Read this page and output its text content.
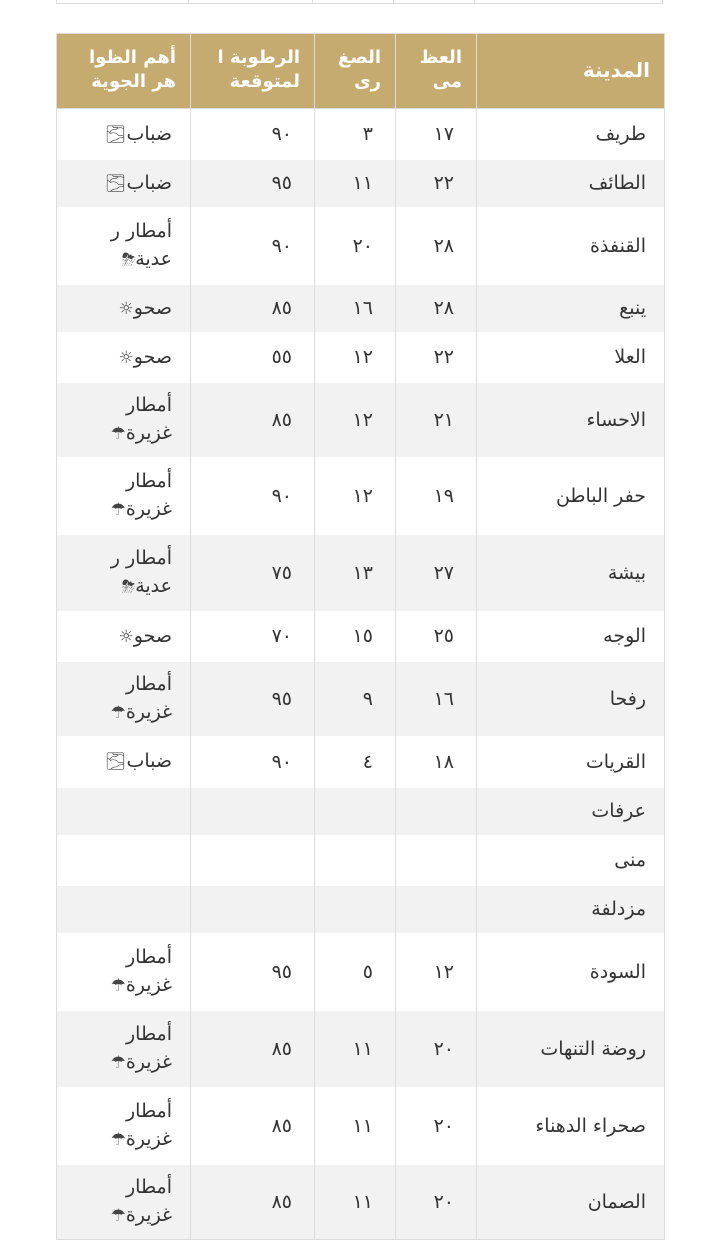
المدينة	العظ مى	الصغ رى	الرطوبة ا لمتوقعة	أهم الظوا هر الجوية
طريف	١٧	٣	٩٠	ضباب🌫︎
الطائف	٢٢	١١	٩٥	ضباب🌫︎
القنفذة	٢٨	٢٠	٩٠	أمطار ر عدية⛈
ينبع	٢٨	١٦	٨٥	صحو☼
العلا	٢٢	١٢	٥٥	صحو☼
الاحساء	٢١	١٢	٨٥	أمطار غزيرة☂
حفر الباطن	١٩	١٢	٩٠	أمطار غزيرة☂
بيشة	٢٧	١٣	٧٥	أمطار ر عدية⛈
الوجه	٢٥	١٥	٧٠	صحو☼
رفحا	١٦	٩	٩٥	أمطار غزيرة☂
القريات	١٨	٤	٩٠	ضباب🌫︎
عرفات				
منى				
مزدلفة				
السودة	١٢	٥	٩٥	أمطار غزيرة☂
روضة التنهات	٢٠	١١	٨٥	أمطار غزيرة☂
صحراء الدهناء	٢٠	١١	٨٥	أمطار غزيرة☂
الصمان	٢٠	١١	٨٥	أمطار غزيرة☂
